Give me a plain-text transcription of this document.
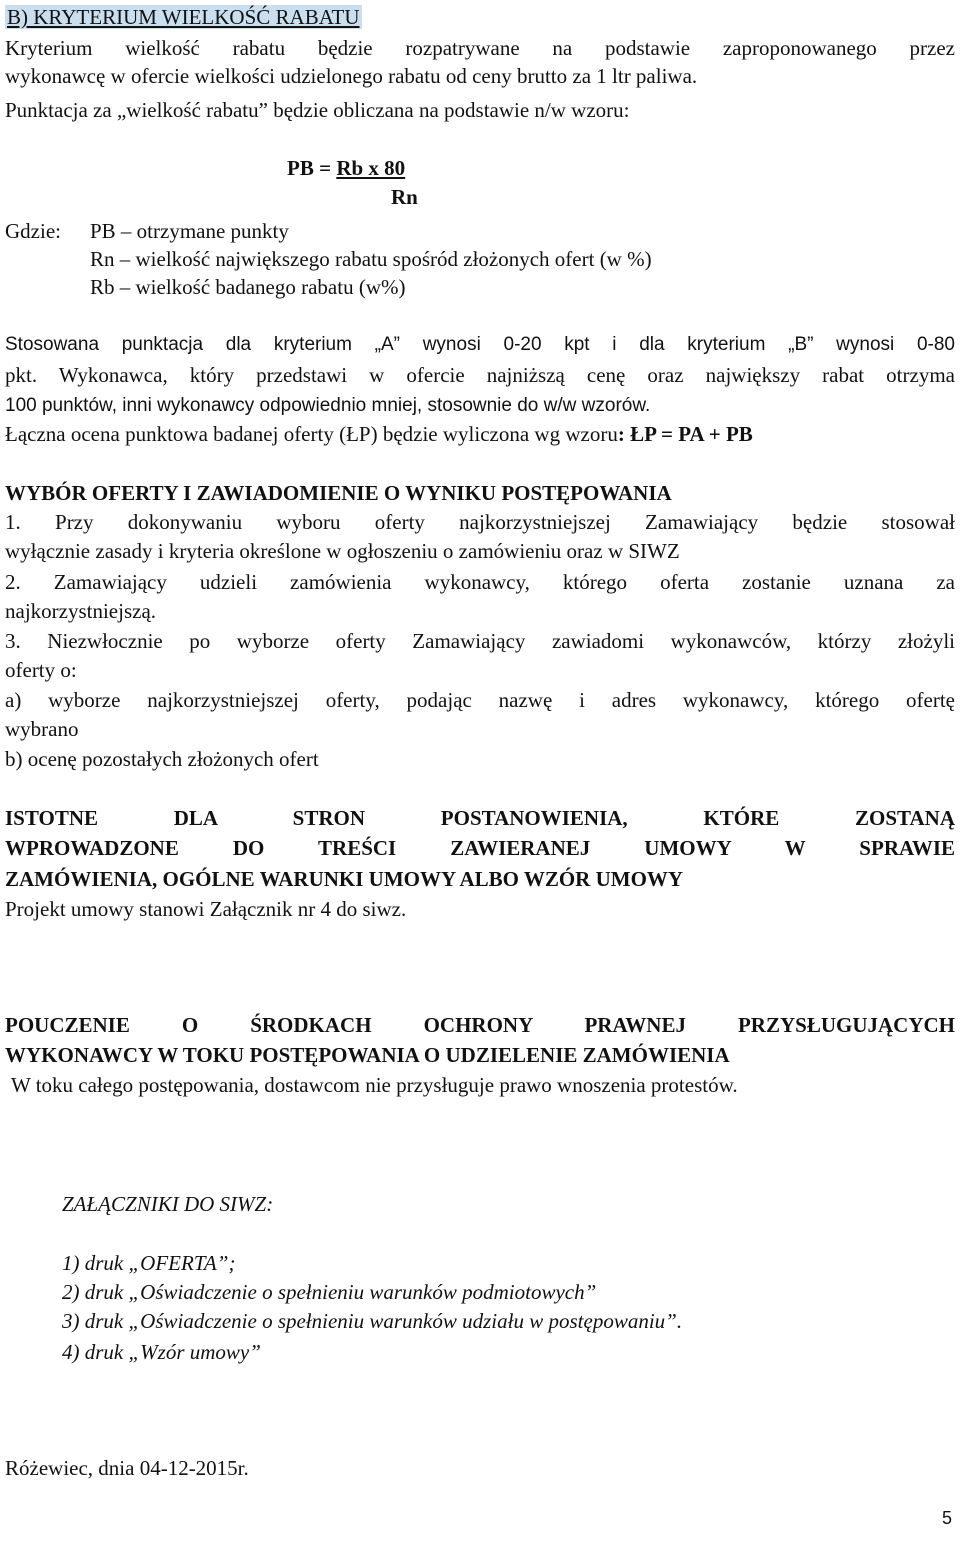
B) KRYTERIUM WIELKOŚĆ RABATU
Kryterium wielkość rabatu będzie rozpatrywane na podstawie zaproponowanego przez
wykonawcę w ofercie wielkości udzielonego rabatu od ceny brutto za 1 ltr paliwa.
Punktacja za „wielkość rabatu” będzie obliczana na podstawie n/w wzoru:
PB = Rb x 80
Rn
Gdzie: PB – otrzymane punkty
Rn – wielkość największego rabatu spośród złożonych ofert (w %)
Rb – wielkość badanego rabatu (w%)
Stosowana punktacja dla kryterium „A” wynosi 0-20 kpt i dla kryterium „B” wynosi 0-80
pkt. Wykonawca, który przedstawi w ofercie najniższą cenę oraz największy rabat otrzyma
100 punktów, inni wykonawcy odpowiednio mniej, stosownie do w/w wzorów.
Łączna ocena punktowa badanej oferty (ŁP) będzie wyliczona wg wzoru: ŁP = PA + PB
WYBÓR OFERTY I ZAWIADOMIENIE O WYNIKU POSTĘPOWANIA
1. Przy dokonywaniu wyboru oferty najkorzystniejszej Zamawiający będzie stosował
wyłącznie zasady i kryteria określone w ogłoszeniu o zamówieniu oraz w SIWZ
2. Zamawiający udzieli zamówienia wykonawcy, którego oferta zostanie uznana za
najkorzystniejszą.
3. Niezwłocznie po wyborze oferty Zamawiający zawiadomi wykonawców, którzy złożyli
oferty o:
a) wyborze najkorzystniejszej oferty, podając nazwę i adres wykonawcy, którego ofertę
wybrano
b) ocenę pozostałych złożonych ofert
ISTOTNE DLA STRON POSTANOWIENIA, KTÓRE ZOSTANĄ
WPROWADZONE DO TREŚCI ZAWIERANEJ UMOWY W SPRAWIE
ZAMÓWIENIA, OGÓLNE WARUNKI UMOWY ALBO WZÓR UMOWY
Projekt umowy stanowi Załącznik nr 4 do siwz.
POUCZENIE O ŚRODKACH OCHRONY PRAWNEJ PRZYSŁUGUJĄCYCH
WYKONAWCY W TOKU POSTĘPOWANIA O UDZIELENIE ZAMÓWIENIA
W toku całego postępowania, dostawcom nie przysługuje prawo wnoszenia protestów.
ZAŁĄCZNIKI DO SIWZ:
1) druk „OFERTA”;
2) druk „Oświadczenie o spełnieniu warunków podmiotowych”
3) druk „Oświadczenie o spełnieniu warunków udziału w postępowaniu”.
4) druk „Wzór umowy”
Różewiec, dnia 04-12-2015r.
5
